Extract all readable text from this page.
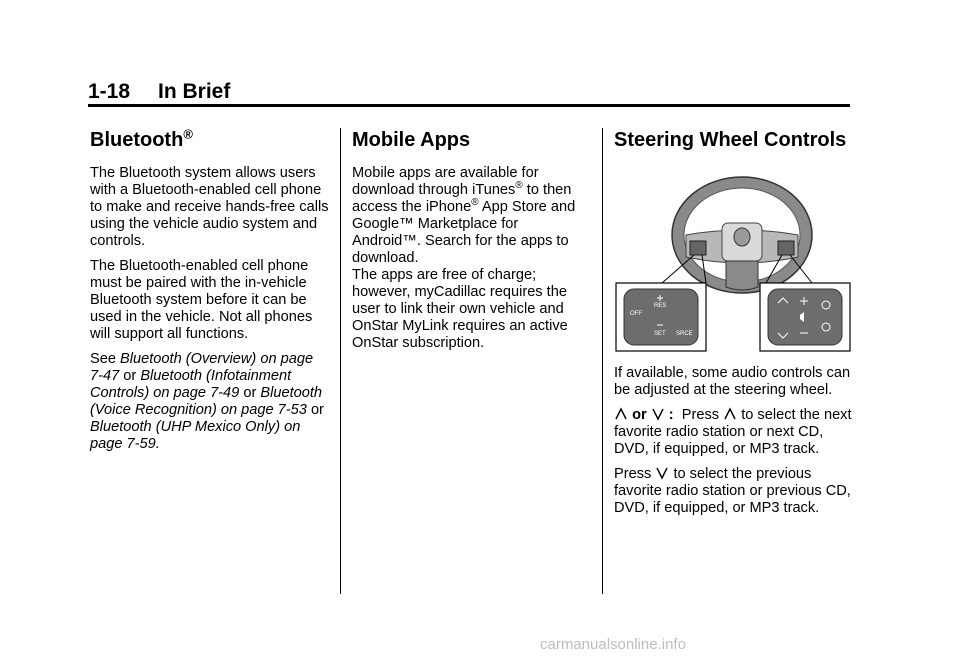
1-18 In Brief
Bluetooth®

The Bluetooth system allows users with a Bluetooth-enabled cell phone to make and receive hands-free calls using the vehicle audio system and controls.

The Bluetooth-enabled cell phone must be paired with the in-vehicle Bluetooth system before it can be used in the vehicle. Not all phones will support all functions.

See Bluetooth (Overview) on page 7-47 or Bluetooth (Infotainment Controls) on page 7-49 or Bluetooth (Voice Recognition) on page 7-53 or Bluetooth (UHP Mexico Only) on page 7-59.

Mobile Apps

Mobile apps are available for download through iTunes® to then access the iPhone® App Store and Google™ Marketplace for Android™. Search for the apps to download.

The apps are free of charge; however, myCadillac requires the user to link their own vehicle and OnStar MyLink requires an active OnStar subscription.

Steering Wheel Controls
OFF
RES
SET SRCE

If available, some audio controls can be adjusted at the steering wheel.

or : Press to select the next favorite radio station or next CD, DVD, if equipped, or MP3 track.

Press to select the previous favorite radio station or previous CD, DVD, if equipped, or MP3 track.

carmanualsonline.info
